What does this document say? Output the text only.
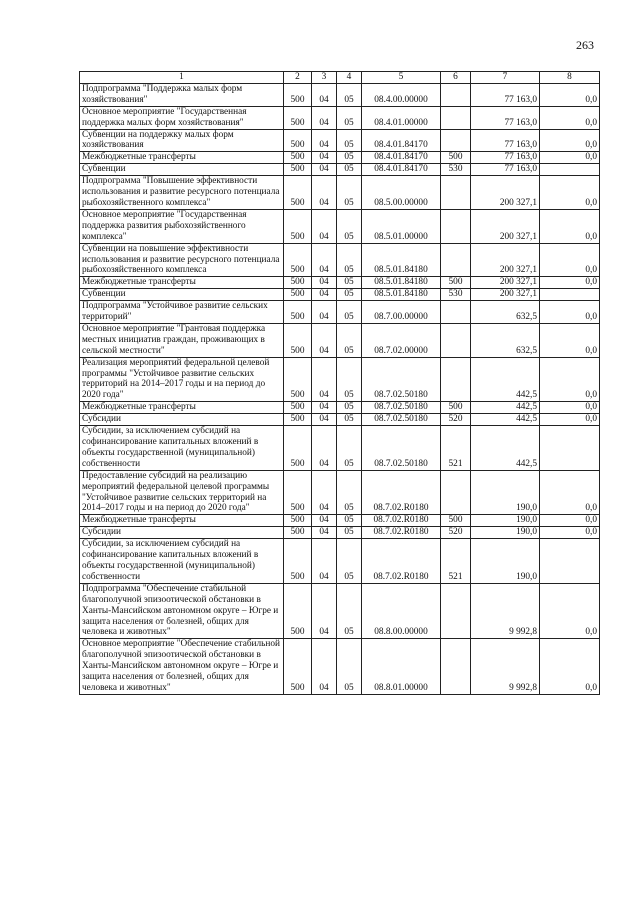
263
1	2	3	4	5	6	7	8
Подпрограмма "Поддержка малых форм хозяйствования"	500	04	05	08.4.00.00000		77 163,0	0,0
Основное мероприятие "Государственная поддержка малых форм хозяйствования"	500	04	05	08.4.01.00000		77 163,0	0,0
Субвенции на поддержку малых форм хозяйствования	500	04	05	08.4.01.84170		77 163,0	0,0
Межбюджетные трансферты	500	04	05	08.4.01.84170	500	77 163,0	0,0
Субвенции	500	04	05	08.4.01.84170	530	77 163,0	
Подпрограмма "Повышение эффективности использования и развитие ресурсного потенциала рыбохозяйственного комплекса"	500	04	05	08.5.00.00000		200 327,1	0,0
Основное мероприятие "Государственная поддержка развития рыбохозяйственного комплекса"	500	04	05	08.5.01.00000		200 327,1	0,0
Субвенции на повышение эффективности использования и развитие ресурсного потенциала рыбохозяйственного комплекса	500	04	05	08.5.01.84180		200 327,1	0,0
Межбюджетные трансферты	500	04	05	08.5.01.84180	500	200 327,1	0,0
Субвенции	500	04	05	08.5.01.84180	530	200 327,1	
Подпрограмма "Устойчивое развитие сельских территорий"	500	04	05	08.7.00.00000		632,5	0,0
Основное мероприятие "Грантовая поддержка местных инициатив граждан, проживающих в сельской местности"	500	04	05	08.7.02.00000		632,5	0,0
Реализация мероприятий федеральной целевой программы "Устойчивое развитие сельских территорий на 2014–2017 годы и на период до 2020 года"	500	04	05	08.7.02.50180		442,5	0,0
Межбюджетные трансферты	500	04	05	08.7.02.50180	500	442,5	0,0
Субсидии	500	04	05	08.7.02.50180	520	442,5	0,0
Субсидии, за исключением субсидий на софинансирование капитальных вложений в объекты государственной (муниципальной) собственности	500	04	05	08.7.02.50180	521	442,5	
Предоставление субсидий на реализацию мероприятий федеральной целевой программы "Устойчивое развитие сельских территорий на 2014–2017 годы и на период до 2020 года"	500	04	05	08.7.02.R0180		190,0	0,0
Межбюджетные трансферты	500	04	05	08.7.02.R0180	500	190,0	0,0
Субсидии	500	04	05	08.7.02.R0180	520	190,0	0,0
Субсидии, за исключением субсидий на софинансирование капитальных вложений в объекты государственной (муниципальной) собственности	500	04	05	08.7.02.R0180	521	190,0	
Подпрограмма "Обеспечение стабильной благополучной эпизоотической обстановки в Ханты-Мансийском автономном округе – Югре и защита населения от болезней, общих для человека и животных"	500	04	05	08.8.00.00000		9 992,8	0,0
Основное мероприятие "Обеспечение стабильной благополучной эпизоотической обстановки в Ханты-Мансийском автономном округе – Югре и защита населения от болезней, общих для человека и животных"	500	04	05	08.8.01.00000		9 992,8	0,0
